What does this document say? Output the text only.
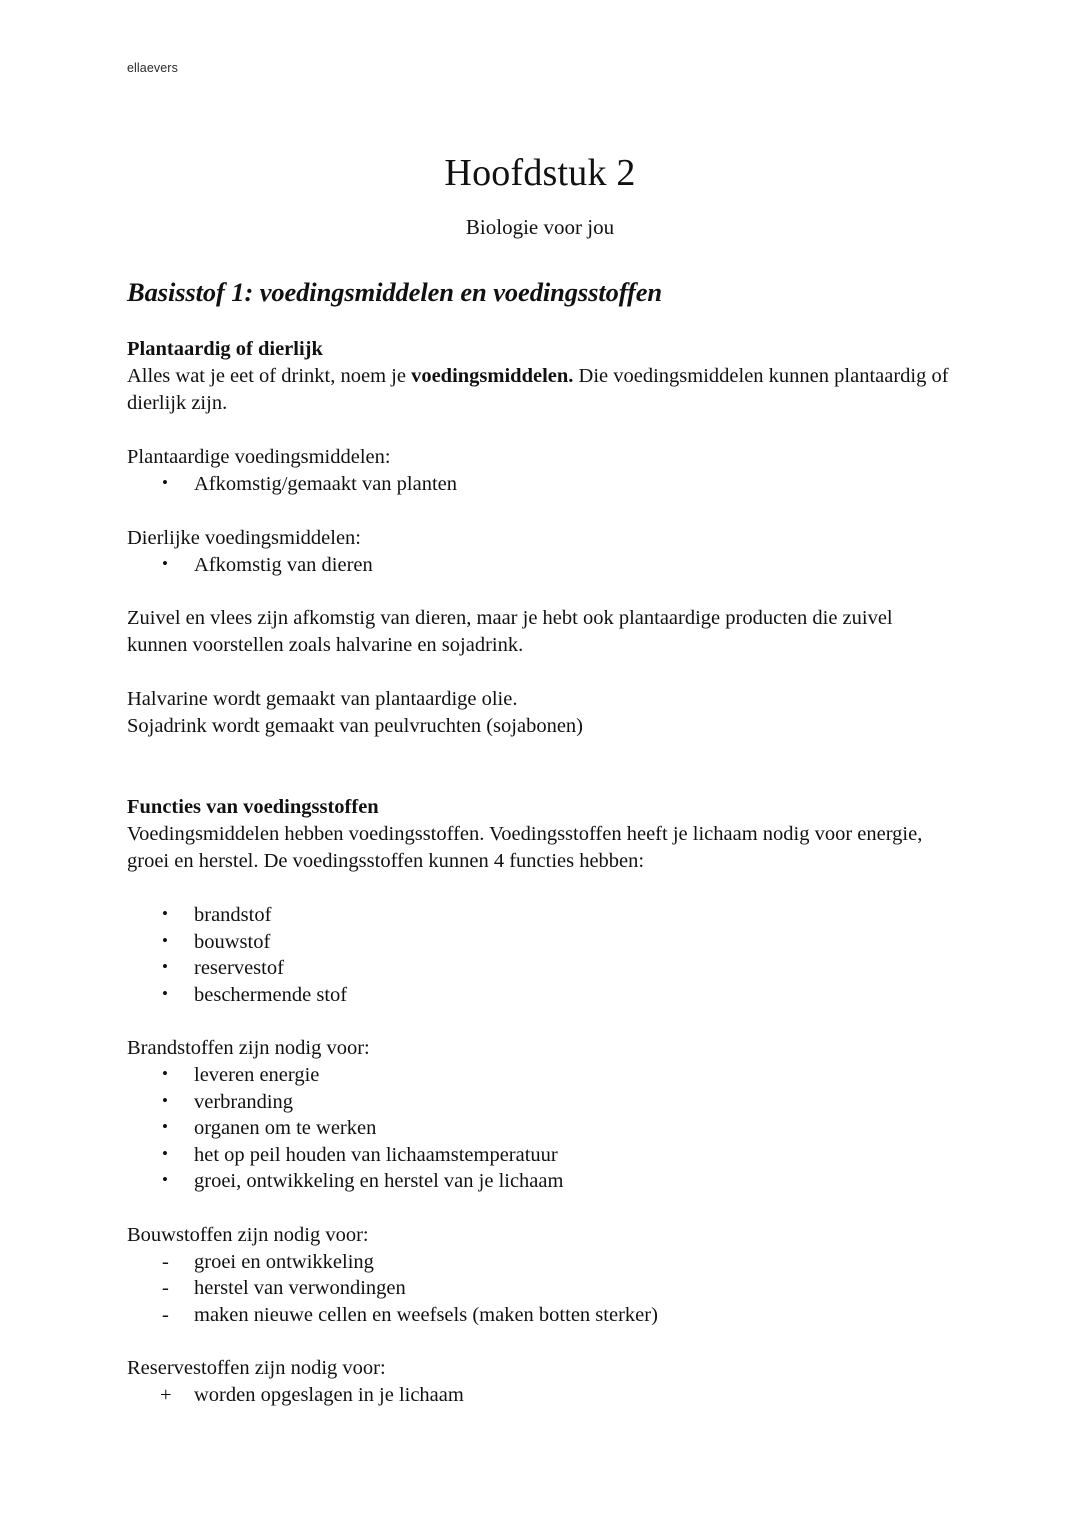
ellaevers
Hoofdstuk 2
Biologie voor jou
Basisstof 1: voedingsmiddelen en voedingsstoffen
Plantaardig of dierlijk

Alles wat je eet of drinkt, noem je voedingsmiddelen. Die voedingsmiddelen kunnen plantaardig of dierlijk zijn.

Plantaardige voedingsmiddelen:

• Afkomstig/gemaakt van planten

Dierlijke voedingsmiddelen:

• Afkomstig van dieren

Zuivel en vlees zijn afkomstig van dieren, maar je hebt ook plantaardige producten die zuivel kunnen voorstellen zoals halvarine en sojadrink.

Halvarine wordt gemaakt van plantaardige olie.

Sojadrink wordt gemaakt van peulvruchten (sojabonen)

Functies van voedingsstoffen

Voedingsmiddelen hebben voedingsstoffen. Voedingsstoffen heeft je lichaam nodig voor energie, groei en herstel. De voedingsstoffen kunnen 4 functies hebben:

• brandstof
• bouwstof
• reservestof
• beschermende stof

Brandstoffen zijn nodig voor:

• leveren energie
• verbranding
• organen om te werken
• het op peil houden van lichaamstemperatuur
• groei, ontwikkeling en herstel van je lichaam

Bouwstoffen zijn nodig voor:

- groei en ontwikkeling
- herstel van verwondingen
- maken nieuwe cellen en weefsels (maken botten sterker)

Reservestoffen zijn nodig voor:

+ worden opgeslagen in je lichaam
